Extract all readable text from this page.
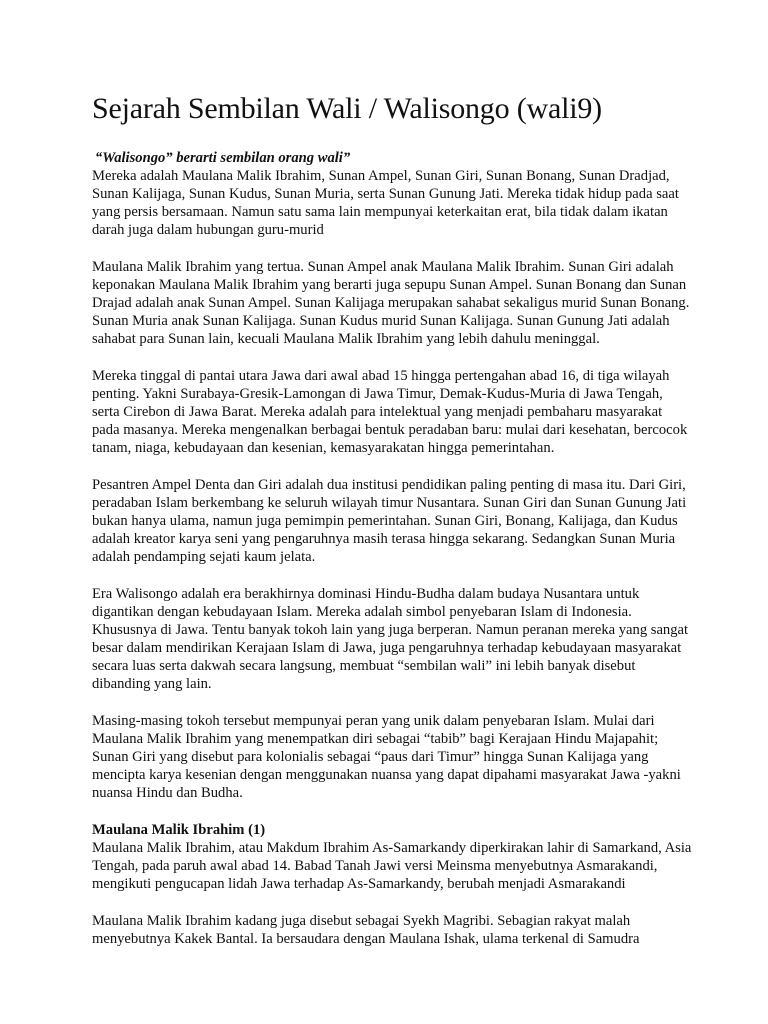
Sejarah Sembilan Wali / Walisongo (wali9)

“Walisongo” berarti sembilan orang wali”
Mereka adalah Maulana Malik Ibrahim, Sunan Ampel, Sunan Giri, Sunan Bonang, Sunan Dradjad, Sunan Kalijaga, Sunan Kudus, Sunan Muria, serta Sunan Gunung Jati. Mereka tidak hidup pada saat yang persis bersamaan. Namun satu sama lain mempunyai keterkaitan erat, bila tidak dalam ikatan darah juga dalam hubungan guru-murid

Maulana Malik Ibrahim yang tertua. Sunan Ampel anak Maulana Malik Ibrahim. Sunan Giri adalah keponakan Maulana Malik Ibrahim yang berarti juga sepupu Sunan Ampel. Sunan Bonang dan Sunan Drajad adalah anak Sunan Ampel. Sunan Kalijaga merupakan sahabat sekaligus murid Sunan Bonang. Sunan Muria anak Sunan Kalijaga. Sunan Kudus murid Sunan Kalijaga. Sunan Gunung Jati adalah sahabat para Sunan lain, kecuali Maulana Malik Ibrahim yang lebih dahulu meninggal.

Mereka tinggal di pantai utara Jawa dari awal abad 15 hingga pertengahan abad 16, di tiga wilayah penting. Yakni Surabaya-Gresik-Lamongan di Jawa Timur, Demak-Kudus-Muria di Jawa Tengah, serta Cirebon di Jawa Barat. Mereka adalah para intelektual yang menjadi pembaharu masyarakat pada masanya. Mereka mengenalkan berbagai bentuk peradaban baru: mulai dari kesehatan, bercocok tanam, niaga, kebudayaan dan kesenian, kemasyarakatan hingga pemerintahan.

Pesantren Ampel Denta dan Giri adalah dua institusi pendidikan paling penting di masa itu. Dari Giri, peradaban Islam berkembang ke seluruh wilayah timur Nusantara. Sunan Giri dan Sunan Gunung Jati bukan hanya ulama, namun juga pemimpin pemerintahan. Sunan Giri, Bonang, Kalijaga, dan Kudus adalah kreator karya seni yang pengaruhnya masih terasa hingga sekarang. Sedangkan Sunan Muria adalah pendamping sejati kaum jelata.

Era Walisongo adalah era berakhirnya dominasi Hindu-Budha dalam budaya Nusantara untuk digantikan dengan kebudayaan Islam. Mereka adalah simbol penyebaran Islam di Indonesia. Khususnya di Jawa. Tentu banyak tokoh lain yang juga berperan. Namun peranan mereka yang sangat besar dalam mendirikan Kerajaan Islam di Jawa, juga pengaruhnya terhadap kebudayaan masyarakat secara luas serta dakwah secara langsung, membuat “sembilan wali” ini lebih banyak disebut dibanding yang lain.

Masing-masing tokoh tersebut mempunyai peran yang unik dalam penyebaran Islam. Mulai dari Maulana Malik Ibrahim yang menempatkan diri sebagai “tabib” bagi Kerajaan Hindu Majapahit; Sunan Giri yang disebut para kolonialis sebagai “paus dari Timur” hingga Sunan Kalijaga yang mencipta karya kesenian dengan menggunakan nuansa yang dapat dipahami masyarakat Jawa -yakni nuansa Hindu dan Budha.

Maulana Malik Ibrahim (1)
Maulana Malik Ibrahim, atau Makdum Ibrahim As-Samarkandy diperkirakan lahir di Samarkand, Asia Tengah, pada paruh awal abad 14. Babad Tanah Jawi versi Meinsma menyebutnya Asmarakandi, mengikuti pengucapan lidah Jawa terhadap As-Samarkandy, berubah menjadi Asmarakandi

Maulana Malik Ibrahim kadang juga disebut sebagai Syekh Magribi. Sebagian rakyat malah menyebutnya Kakek Bantal. Ia bersaudara dengan Maulana Ishak, ulama terkenal di Samudra
